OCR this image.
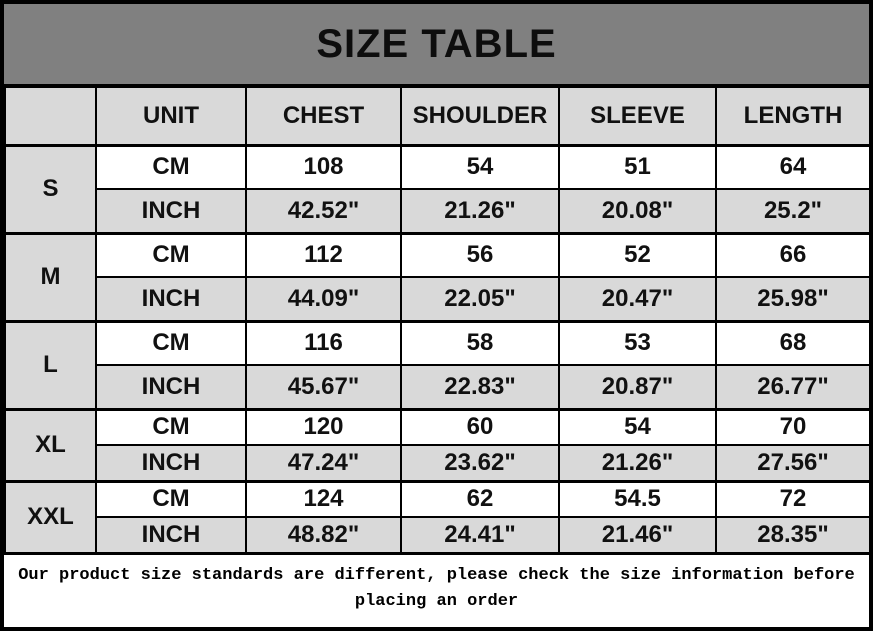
SIZE TABLE
	UNIT	CHEST	SHOULDER	SLEEVE	LENGTH
S	CM	108	54	51	64
	INCH	42.52"	21.26"	20.08"	25.2"
M	CM	112	56	52	66
	INCH	44.09"	22.05"	20.47"	25.98"
L	CM	116	58	53	68
	INCH	45.67"	22.83"	20.87"	26.77"
XL	CM	120	60	54	70
	INCH	47.24"	23.62"	21.26"	27.56"
XXL	CM	124	62	54.5	72
	INCH	48.82"	24.41"	21.46"	28.35"
Our product size standards are different, please check the size information before placing an order
